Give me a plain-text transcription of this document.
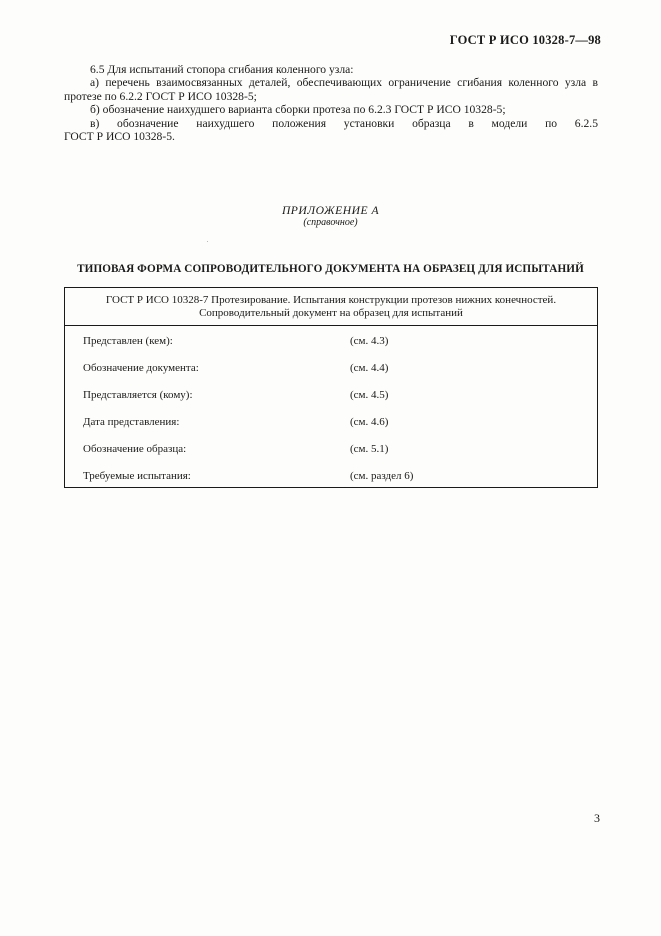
ГОСТ Р ИСО 10328-7—98

6.5 Для испытаний стопора сгибания коленного узла:

а) перечень взаимосвязанных деталей, обеспечивающих ограничение сгибания коленного узла в протезе по 6.2.2 ГОСТ Р ИСО 10328-5;

б) обозначение наихудшего варианта сборки протеза по 6.2.3 ГОСТ Р ИСО 10328-5;

в) обозначение наихудшего положения установки образца в модели по 6.2.5

ГОСТ Р ИСО 10328-5.

ПРИЛОЖЕНИЕ А
(справочное)
ТИПОВАЯ ФОРМА СОПРОВОДИТЕЛЬНОГО ДОКУМЕНТА НА ОБРАЗЕЦ ДЛЯ ИСПЫТАНИЙ
ГОСТ Р ИСО 10328-7 Протезирование. Испытания конструкции протезов нижних конечностей.
Сопроводительный документ на образец для испытаний
Представлен (кем):	(см. 4.3)
Обозначение документа:	(см. 4.4)
Представляется (кому):	(см. 4.5)
Дата представления:	(см. 4.6)
Обозначение образца:	(см. 5.1)
Требуемые испытания:	(см. раздел 6)
3
